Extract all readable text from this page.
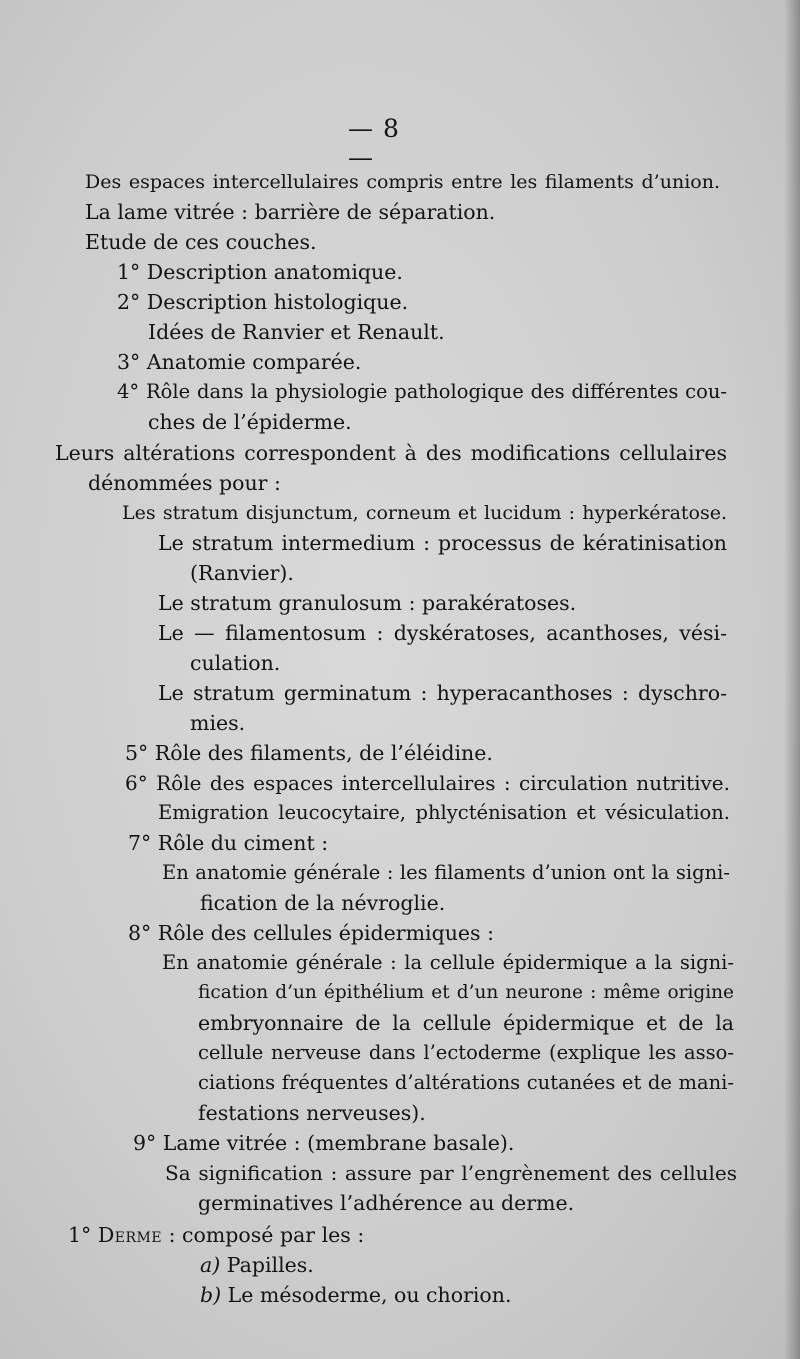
— 8 —
Des espaces intercellulaires compris entre les filaments d’union.
La lame vitrée : barrière de séparation.
Etude de ces couches.
1° Description anatomique.
2° Description histologique.
Idées de Ranvier et Renault.
3° Anatomie comparée.
4° Rôle dans la physiologie pathologique des différentes cou-
ches de l’épiderme.
Leurs altérations correspondent à des modifications cellulaires
dénommées pour :
Les stratum disjunctum, corneum et lucidum : hyperkératose.
Le stratum intermedium : processus de kératinisation
(Ranvier).
Le stratum granulosum : parakératoses.
Le — filamentosum : dyskératoses, acanthoses, vési-
culation.
Le stratum germinatum : hyperacanthoses : dyschro-
mies.
5° Rôle des filaments, de l’éléidine.
6° Rôle des espaces intercellulaires : circulation nutritive.
Emigration leucocytaire, phlycténisation et vésiculation.
7° Rôle du ciment :
En anatomie générale : les filaments d’union ont la signi-
fication de la névroglie.
8° Rôle des cellules épidermiques :
En anatomie générale : la cellule épidermique a la signi-
fication d’un épithélium et d’un neurone : même origine
embryonnaire de la cellule épidermique et de la
cellule nerveuse dans l’ectoderme (explique les asso-
ciations fréquentes d’altérations cutanées et de mani-
festations nerveuses).
9° Lame vitrée : (membrane basale).
Sa signification : assure par l’engrènement des cellules
germinatives l’adhérence au derme.
1° Derme : composé par les :
a) Papilles.
b) Le mésoderme, ou chorion.
